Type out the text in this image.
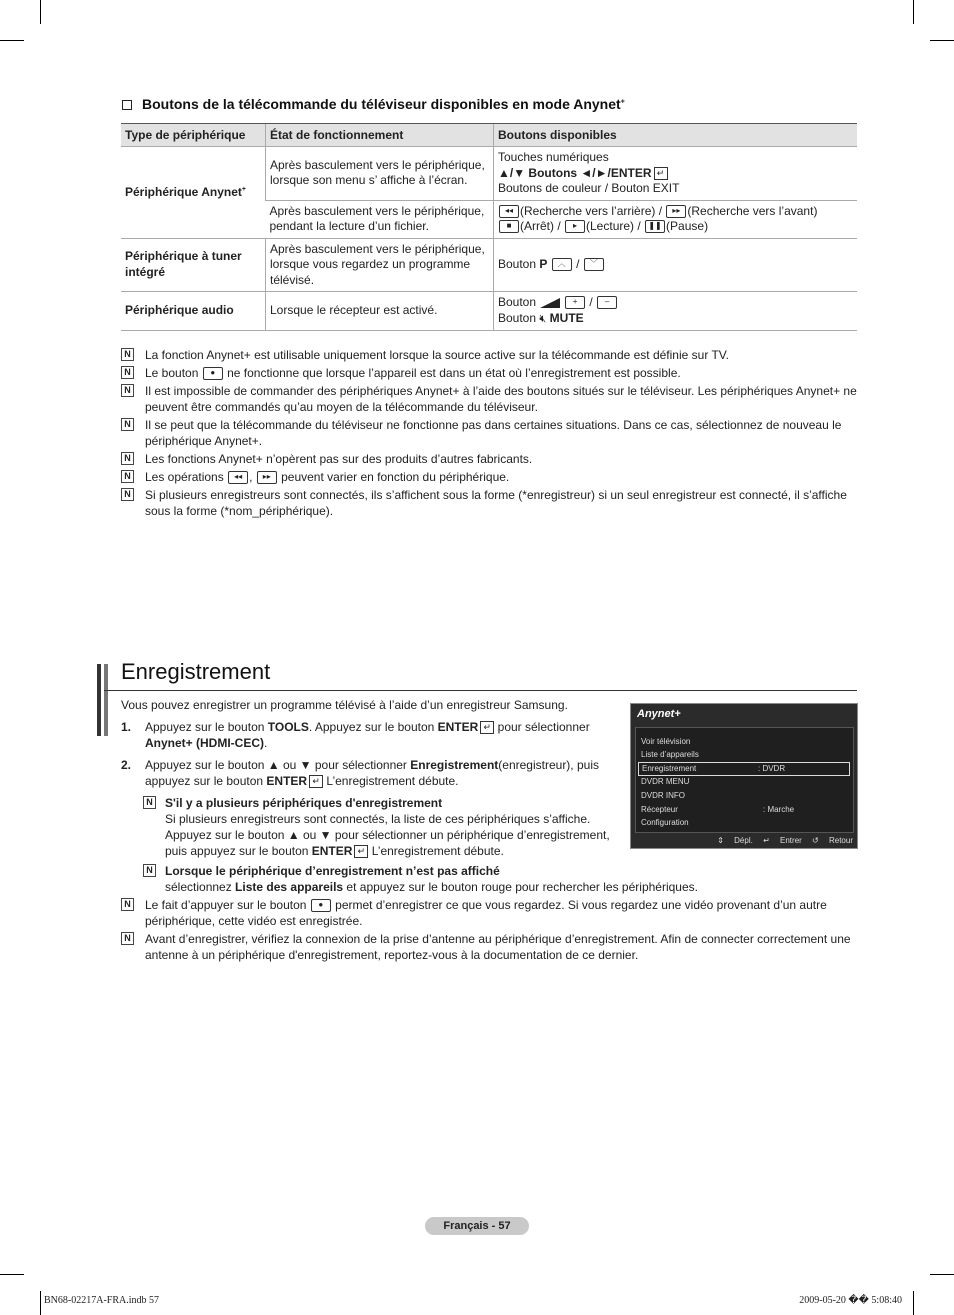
Boutons de la télécommande du téléviseur disponibles en mode Anynet+
Type de périphérique	État de fonctionnement	Boutons disponibles
Périphérique Anynet+	Après basculement vers le périphérique, lorsque son menu s’ affiche à l’écran.	Touches numériques
▲/▼ Boutons ◄/►/ENTER ↵
Boutons de couleur / Bouton EXIT

	Après basculement vers le périphérique, pendant la lecture d’un fichier.	◂◂ (Recherche vers l’arrière) / ▸▸ (Recherche vers l’avant)
■ (Arrêt) / ▸ (Lecture) / ❚❚ (Pause)

Périphérique à tuner intégré	Après basculement vers le périphérique, lorsque vous regardez un programme télévisé.	Bouton P ︿ / ﹀
Périphérique audio	Lorsque le récepteur est activé.	Bouton + / –
Bouton 🔇︎ MUTE
N La fonction Anynet+ est utilisable uniquement lorsque la source active sur la télécommande est définie sur TV.
N Le bouton ● ne fonctionne que lorsque l’appareil est dans un état où l’enregistrement est possible.
N Il est impossible de commander des périphériques Anynet+ à l’aide des boutons situés sur le téléviseur. Les périphériques Anynet+ ne peuvent être commandés qu’au moyen de la télécommande du téléviseur.
N Il se peut que la télécommande du téléviseur ne fonctionne pas dans certaines situations. Dans ce cas, sélectionnez de nouveau le périphérique Anynet+.
N Les fonctions Anynet+ n’opèrent pas sur des produits d’autres fabricants.
N Les opérations ◂◂ , ▸▸ peuvent varier en fonction du périphérique.
N Si plusieurs enregistreurs sont connectés, ils s’affichent sous la forme (*enregistreur) si un seul enregistreur est connecté, il s’affiche sous la forme (*nom_périphérique).
Enregistrement

Vous pouvez enregistrer un programme télévisé à l’aide d’un enregistreur Samsung.

1. Appuyez sur le bouton TOOLS. Appuyez sur le bouton ENTER ↵ pour sélectionner Anynet+ (HDMI-CEC).
2. Appuyez sur le bouton ▲ ou ▼ pour sélectionner Enregistrement(enregistreur), puis appuyez sur le bouton ENTER ↵ L’enregistrement débute.
N S'il y a plusieurs périphériques d'enregistrement
Si plusieurs enregistreurs sont connectés, la liste de ces périphériques s’affiche. Appuyez sur le bouton ▲ ou ▼ pour sélectionner un périphérique d’enregistrement, puis appuyez sur le bouton ENTER ↵ L’enregistrement débute.
N Lorsque le périphérique d’enregistrement n’est pas affiché
sélectionnez Liste des appareils et appuyez sur le bouton rouge pour rechercher les périphériques.
Anynet+
Voir télévision
Liste d’appareils
Enregistrement	: DVDR
DVDR MENU
DVDR INFO
Récepteur	: Marche
Configuration
⇕ Dépl. ↵ Entrer ↺ Retour
N Le fait d’appuyer sur le bouton ● permet d’enregistrer ce que vous regardez. Si vous regardez une vidéo provenant d’un autre périphérique, cette vidéo est enregistrée.
N Avant d’enregistrer, vérifiez la connexion de la prise d’antenne au périphérique d’enregistrement. Afin de connecter correctement une antenne à un périphérique d'enregistrement, reportez-vous à la documentation de ce dernier.
Français - 57
BN68-02217A-FRA.indb 57	2009-05-20 �� 5:08:40
